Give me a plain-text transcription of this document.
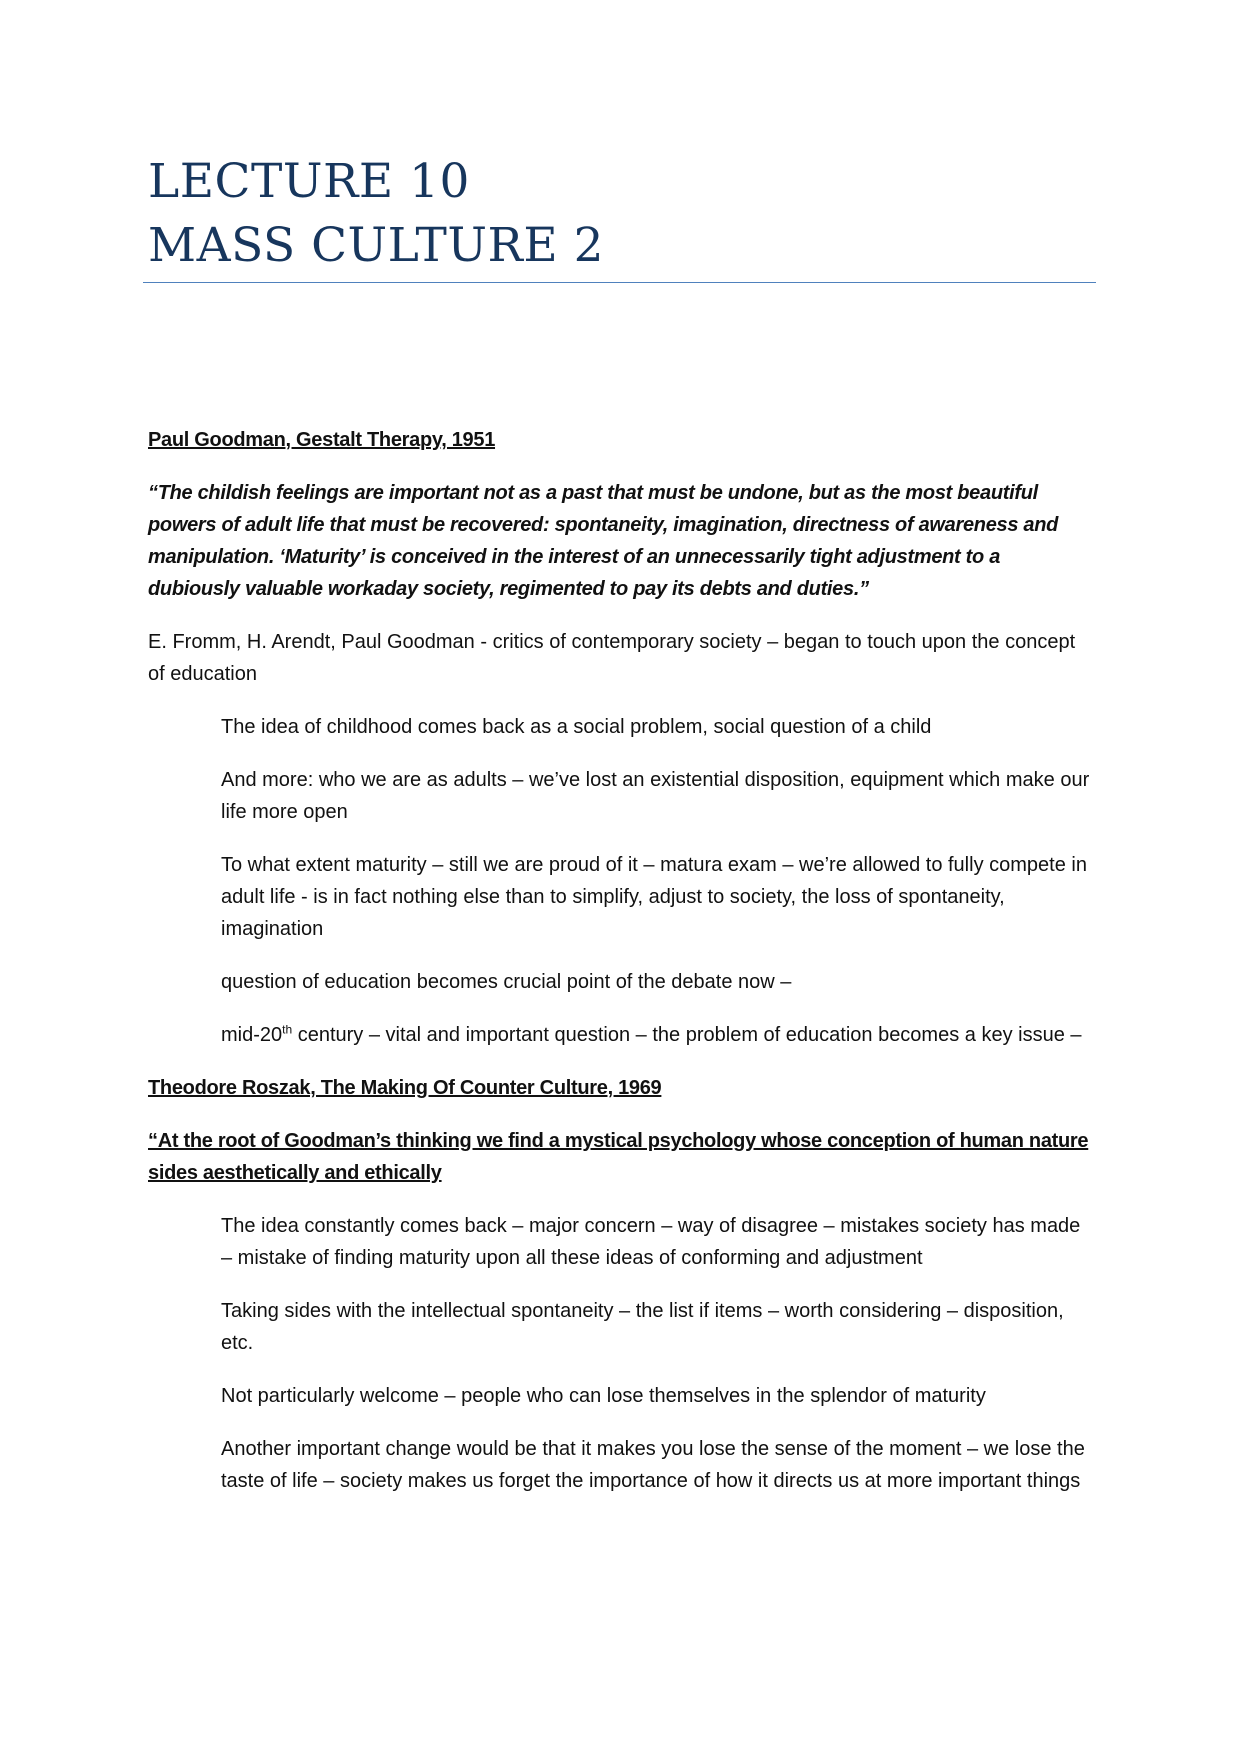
LECTURE 10
MASS CULTURE 2

Paul Goodman, Gestalt Therapy, 1951

“The childish feelings are important not as a past that must be undone, but as the most beautiful powers of adult life that must be recovered: spontaneity, imagination, directness of awareness and manipulation. ‘Maturity’ is conceived in the interest of an unnecessarily tight adjustment to a dubiously valuable workaday society, regimented to pay its debts and duties.”

E. Fromm, H. Arendt, Paul Goodman - critics of contemporary society – began to touch upon the concept of education

The idea of childhood comes back as a social problem, social question of a child

And more: who we are as adults – we’ve lost an existential disposition, equipment which make our life more open

To what extent maturity – still we are proud of it – matura exam – we’re allowed to fully compete in adult life - is in fact nothing else than to simplify, adjust to society, the loss of spontaneity, imagination

question of education becomes crucial point of the debate now –

mid-20th century – vital and important question – the problem of education becomes a key issue –

Theodore Roszak, The Making Of Counter Culture, 1969

“At the root of Goodman’s thinking we find a mystical psychology whose conception of human nature sides aesthetically and ethically

The idea constantly comes back – major concern – way of disagree – mistakes society has made – mistake of finding maturity upon all these ideas of conforming and adjustment

Taking sides with the intellectual spontaneity – the list if items – worth considering – disposition, etc.

Not particularly welcome – people who can lose themselves in the splendor of maturity

Another important change would be that it makes you lose the sense of the moment – we lose the taste of life – society makes us forget the importance of how it directs us at more important things
